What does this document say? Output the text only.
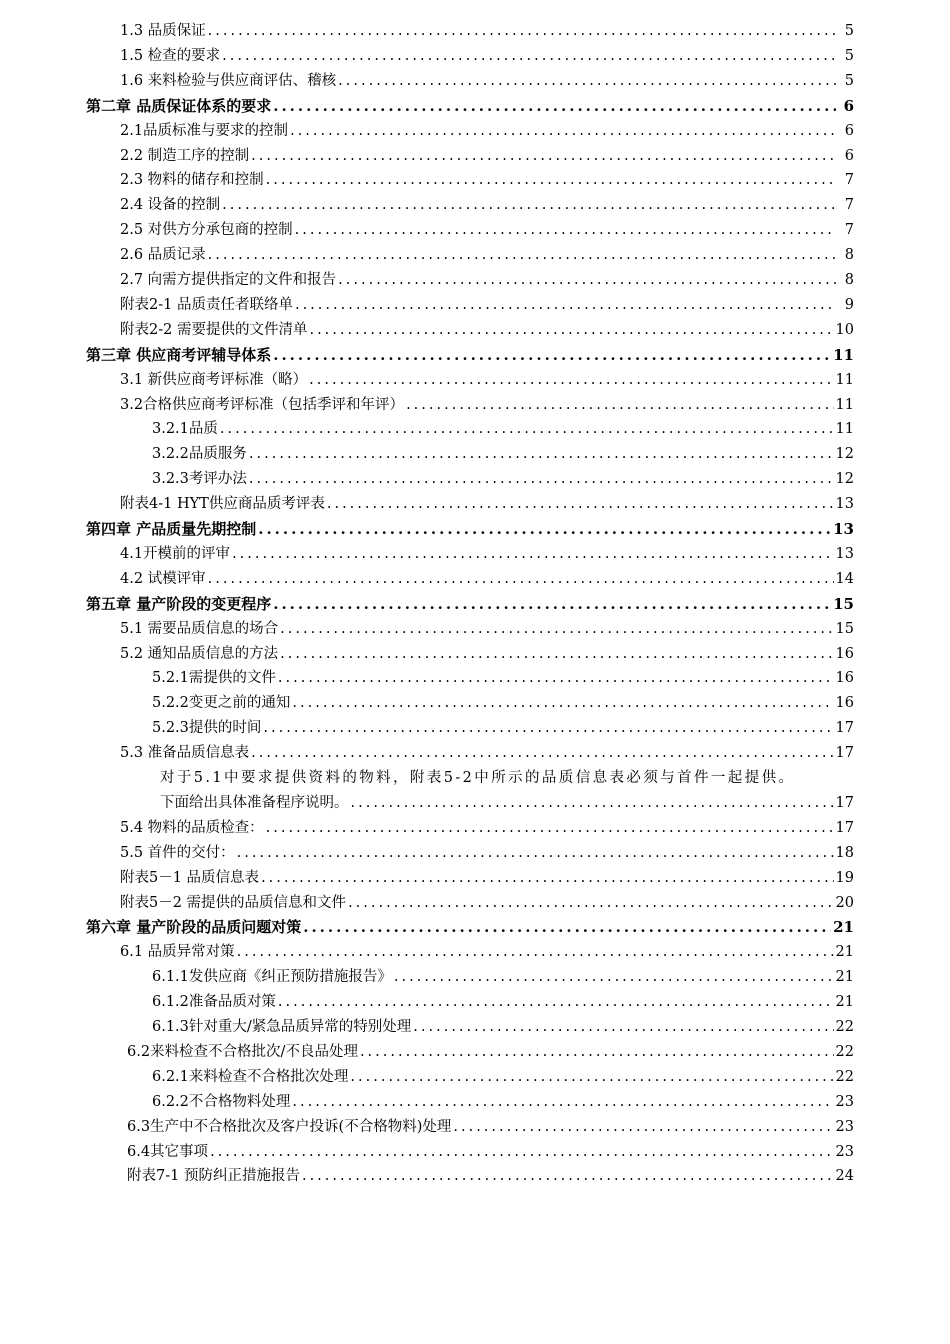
1.3 品质保证 .....	5
1.5 检查的要求 .....	5
1.6 来料检验与供应商评估、稽核 .....	5
第二章 品质保证体系的要求 .....	6
2.1品质标准与要求的控制 .....	6
2.2 制造工序的控制 .....	6
2.3 物料的储存和控制 .....	7
2.4 设备的控制 .....	7
2.5 对供方分承包商的控制 .....	7
2.6 品质记录 .....	8
2.7 向需方提供指定的文件和报告 .....	8
附表2-1 品质责任者联络单 .....	9
附表2-2 需要提供的文件清单 .....	10
第三章 供应商考评辅导体系 .....	11
3.1 新供应商考评标准（略） .....	11
3.2合格供应商考评标准（包括季评和年评） .....	11
3.2.1品质 .....	11
3.2.2品质服务 .....	12
3.2.3考评办法 .....	12
附表4-1 HYT供应商品质考评表 .....	13
第四章 产品质量先期控制 .....	13
4.1开模前的评审 .....	13
4.2 试模评审 .....	14
第五章 量产阶段的变更程序 .....	15
5.1 需要品质信息的场合 .....	15
5.2 通知品质信息的方法 .....	16
5.2.1需提供的文件 .....	16
5.2.2变更之前的通知 .....	16
5.2.3提供的时间 .....	17
5.3 准备品质信息表 .....	17
对于5.1中要求提供资料的物料，附表5-2中所示的品质信息表必须与首件一起提供。
下面给出具体准备程序说明。 .....	17
5.4 物料的品质检查： .....	17
5.5 首件的交付： .....	18
附表5－1 品质信息表 .....	19
附表5－2 需提供的品质信息和文件 .....	20
第六章 量产阶段的品质问题对策 .....	21
6.1 品质异常对策 .....	21
6.1.1发供应商《纠正预防措施报告》 .....	21
6.1.2准备品质对策 .....	21
6.1.3针对重大/紧急品质异常的特别处理 .....	22
6.2来料检查不合格批次/不良品处理 .....	22
6.2.1来料检查不合格批次处理 .....	22
6.2.2不合格物料处理 .....	23
6.3生产中不合格批次及客户投诉(不合格物料)处理 .....	23
6.4其它事项 .....	23
附表7-1 预防纠正措施报告 .....	24
